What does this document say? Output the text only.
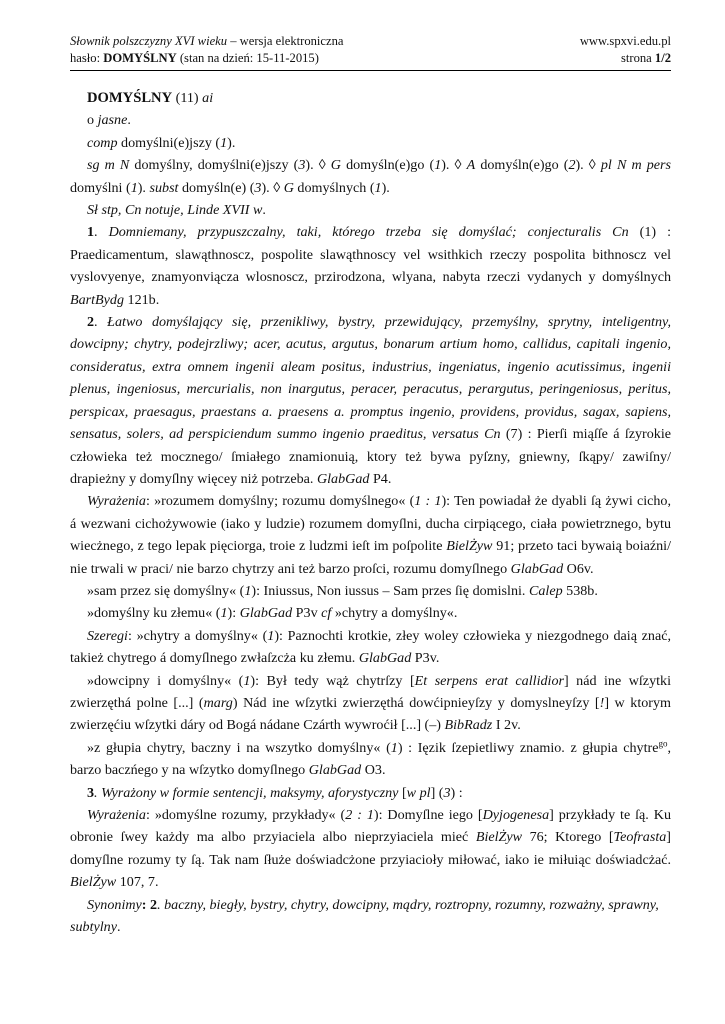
Słownik polszczyzny XVI wieku – wersja elektroniczna	www.spxvi.edu.pl
hasło: DOMYŚLNY (stan na dzień: 15-11-2015)	strona 1/2

DOMYŚLNY (11) ai

o jasne.

comp domyślni(e)jszy (1).

sg m N domyślny, domyślni(e)jszy (3). ◊ G domyśln(e)go (1). ◊ A domyśln(e)go (2). ◊ pl N m pers domyślni (1). subst domyśln(e) (3). ◊ G domyślnych (1).

Sł stp, Cn notuje, Linde XVII w.

1. Domniemany, przypuszczalny, taki, którego trzeba się domyślać; conjecturalis Cn (1) : Praedicamentum, slawąthnoscz, pospolite slawąthnoscy vel wsithkich rzeczy pospolita bithnoscz vel vyslovyenye, znamyonviącza wlosnoscz, przirodzona, wlyana, nabyta rzeczi vydanych y domyślnych BartBydg 121b.

2. Łatwo domyślający się, przenikliwy, bystry, przewidujący, przemyślny, sprytny, inteligentny, dowcipny; chytry, podejrzliwy; acer, acutus, argutus, bonarum artium homo, callidus, capitali ingenio, consideratus, extra omnem ingenii aleam positus, industrius, ingeniatus, ingenio acutissimus, ingenii plenus, ingeniosus, mercurialis, non inargutus, peracer, peracutus, perargutus, peringeniosus, peritus, perspicax, praesagus, praestans a. praesens a. promptus ingenio, providens, providus, sagax, sapiens, sensatus, solers, ad perspiciendum summo ingenio praeditus, versatus Cn (7) : Pierſi miąſſe á ſzyrokie człowieka też mocznego/ ſmiałego znamionuią, ktory też bywa pyſzny, gniewny, ſkąpy/ zawiſny/ drapieżny y domyſlny więcey niż potrzeba. GlabGad P4.

Wyrażenia: »rozumem domyślny; rozumu domyślnego« (1 : 1): Ten powiadał że dyabli ſą żywi cicho, á wezwani cichożywowie (iako y ludzie) rozumem domyſlni, ducha cirpiącego, ciała powietrznego, bytu wiecżnego, z tego lepak pięciorga, troie z ludzmi ieſt im poſpolite BielŻyw 91; przeto taci bywaią boiaźni/ nie trwali w praci/ nie barzo chytrzy ani też barzo proſci, rozumu domyſlnego GlabGad O6v.

»sam przez się domyślny« (1): Iniussus, Non iussus – Sam przes ſię domislni. Calep 538b.

»domyślny ku złemu« (1): GlabGad P3v cf »chytry a domyślny«.

Szeregi: »chytry a domyślny« (1): Paznochti krotkie, złey woley człowieka y niezgodnego daią znać, takież chytrego á domyſlnego zwłaſzcża ku złemu. GlabGad P3v.

»dowcipny i domyślny« (1): Był tedy wąż chytrſzy [Et serpens erat callidior] nád ine wſzytki zwierzęthá polne [...] (marg) Nád ine wſzytki zwierzęthá dowćipnieyſzy y domyslneyſzy [!] w ktorym zwierzęćiu wſzytki dáry od Bogá nádane Czárth wywroćił [...] (–) BibRadz I 2v.

»z głupia chytry, baczny i na wszytko domyślny« (1) : Ięzik ſzepietliwy znamio. z głupia chytre$^{go}$, barzo baczńego y na wſzytko domyſlnego GlabGad O3.

3. Wyrażony w formie sentencji, maksymy, aforystyczny [w pl] (3) :

Wyrażenia: »domyślne rozumy, przykłady« (2 : 1): Domyſlne iego [Dyjogenesa] przykłady te ſą. Ku obronie ſwey każdy ma albo przyiaciela albo nieprzyiaciela mieć BielŻyw 76; Ktorego [Teofrasta] domyſlne rozumy ty ſą. Tak nam ſłużе doświadcżone przyiacioły miłować, iako ie miłuiąc doświadcżać. BielŻyw 107, 7.

Synonimy: 2. baczny, biegły, bystry, chytry, dowcipny, mądry, roztropny, rozumny, rozważny, sprawny, subtylny.
